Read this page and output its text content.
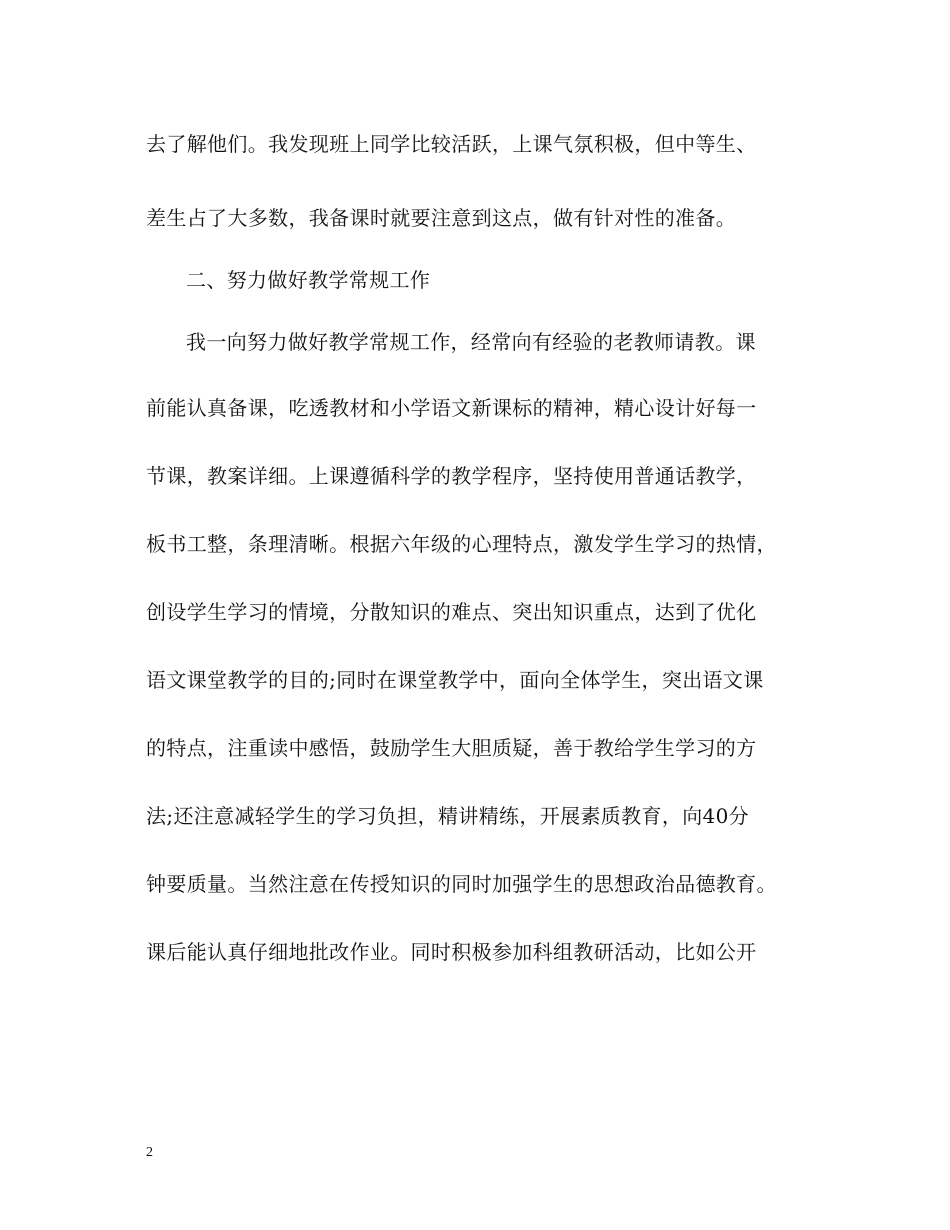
去了解他们。我发现班上同学比较活跃，上课气氛积极，但中等生、
差生占了大多数，我备课时就要注意到这点，做有针对性的准备。
二、努力做好教学常规工作
我一向努力做好教学常规工作，经常向有经验的老教师请教。课
前能认真备课，吃透教材和小学语文新课标的精神，精心设计好每一
节课，教案详细。上课遵循科学的教学程序，坚持使用普通话教学，
板书工整，条理清晰。根据六年级的心理特点，激发学生学习的热情，
创设学生学习的情境，分散知识的难点、突出知识重点，达到了优化
语文课堂教学的目的;同时在课堂教学中，面向全体学生，突出语文课
的特点，注重读中感悟，鼓励学生大胆质疑，善于教给学生学习的方
法;还注意减轻学生的学习负担，精讲精练，开展素质教育，向40分
钟要质量。当然注意在传授知识的同时加强学生的思想政治品德教育。
课后能认真仔细地批改作业。同时积极参加科组教研活动，比如公开
2
